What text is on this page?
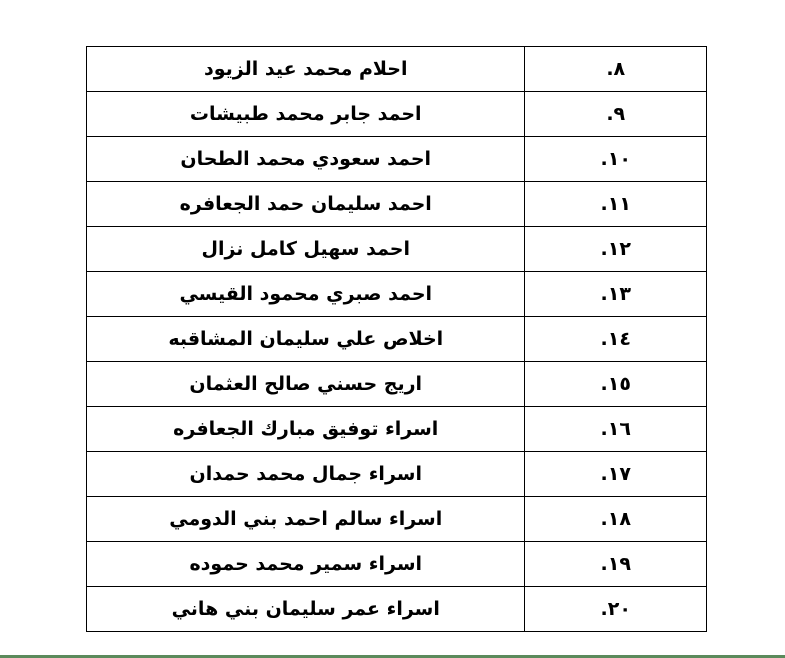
٨.	احلام محمد عيد الزيود
٩.	احمد جابر محمد طبيشات
١٠.	احمد سعودي محمد الطحان
١١.	احمد سليمان حمد الجعافره
١٢.	احمد سهيل كامل نزال
١٣.	احمد صبري محمود القيسي
١٤.	اخلاص علي سليمان المشاقبه
١٥.	اريج حسني صالح العثمان
١٦.	اسراء توفيق مبارك الجعافره
١٧.	اسراء جمال محمد حمدان
١٨.	اسراء سالم احمد بني الدومي
١٩.	اسراء سمير محمد حموده
٢٠.	اسراء عمر سليمان بني هاني
